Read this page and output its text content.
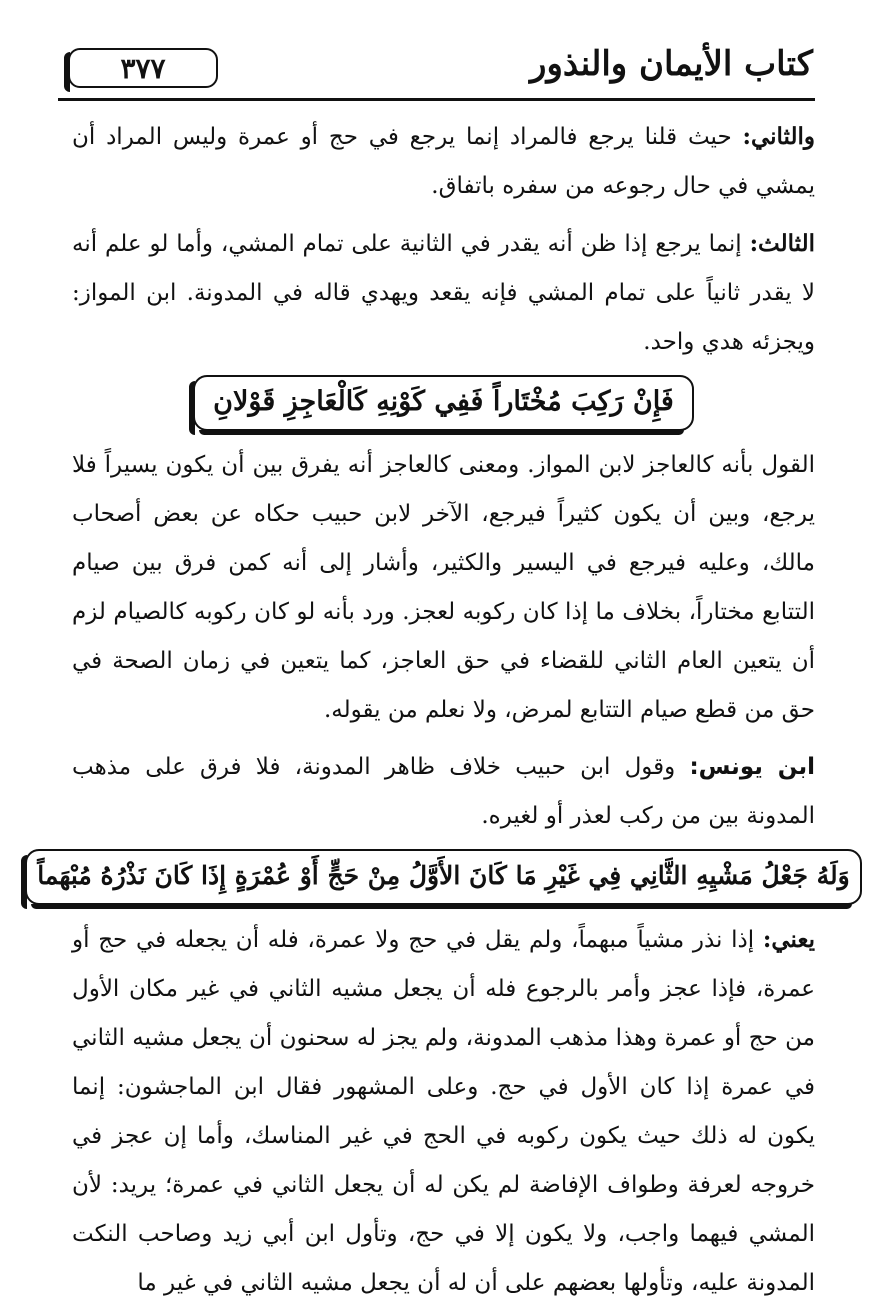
كتاب الأيمان والنذور
٣٧٧

والثاني: حيث قلنا يرجع فالمراد إنما يرجع في حج أو عمرة وليس المراد أن يمشي في حال رجوعه من سفره باتفاق.

الثالث: إنما يرجع إذا ظن أنه يقدر في الثانية على تمام المشي، وأما لو علم أنه لا يقدر ثانياً على تمام المشي فإنه يقعد ويهدي قاله في المدونة. ابن المواز: ويجزئه هدي واحد.

فَإِنْ رَكِبَ مُخْتَاراً فَفِي كَوْنِهِ كَالْعَاجِزِ قَوْلانِ

القول بأنه كالعاجز لابن المواز. ومعنى كالعاجز أنه يفرق بين أن يكون يسيراً فلا يرجع، وبين أن يكون كثيراً فيرجع، الآخر لابن حبيب حكاه عن بعض أصحاب مالك، وعليه فيرجع في اليسير والكثير، وأشار إلى أنه كمن فرق بين صيام التتابع مختاراً، بخلاف ما إذا كان ركوبه لعجز. ورد بأنه لو كان ركوبه كالصيام لزم أن يتعين العام الثاني للقضاء في حق العاجز، كما يتعين في زمان الصحة في حق من قطع صيام التتابع لمرض، ولا نعلم من يقوله.

ابن يونس: وقول ابن حبيب خلاف ظاهر المدونة، فلا فرق على مذهب المدونة بين من ركب لعذر أو لغيره.

وَلَهُ جَعْلُ مَشْيِهِ الثَّانِي فِي غَيْرِ مَا كَانَ الأَوَّلُ مِنْ حَجٍّ أَوْ عُمْرَةٍ إِذَا كَانَ نَذْرُهُ مُبْهَماً

يعني: إذا نذر مشياً مبهماً، ولم يقل في حج ولا عمرة، فله أن يجعله في حج أو عمرة، فإذا عجز وأمر بالرجوع فله أن يجعل مشيه الثاني في غير مكان الأول من حج أو عمرة وهذا مذهب المدونة، ولم يجز له سحنون أن يجعل مشيه الثاني في عمرة إذا كان الأول في حج. وعلى المشهور فقال ابن الماجشون: إنما يكون له ذلك حيث يكون ركوبه في الحج في غير المناسك، وأما إن عجز في خروجه لعرفة وطواف الإفاضة لم يكن له أن يجعل الثاني في عمرة؛ يريد: لأن المشي فيهما واجب، ولا يكون إلا في حج، وتأول ابن أبي زيد وصاحب النكت المدونة عليه، وتأولها بعضهم على أن له أن يجعل مشيه الثاني في غير ما
